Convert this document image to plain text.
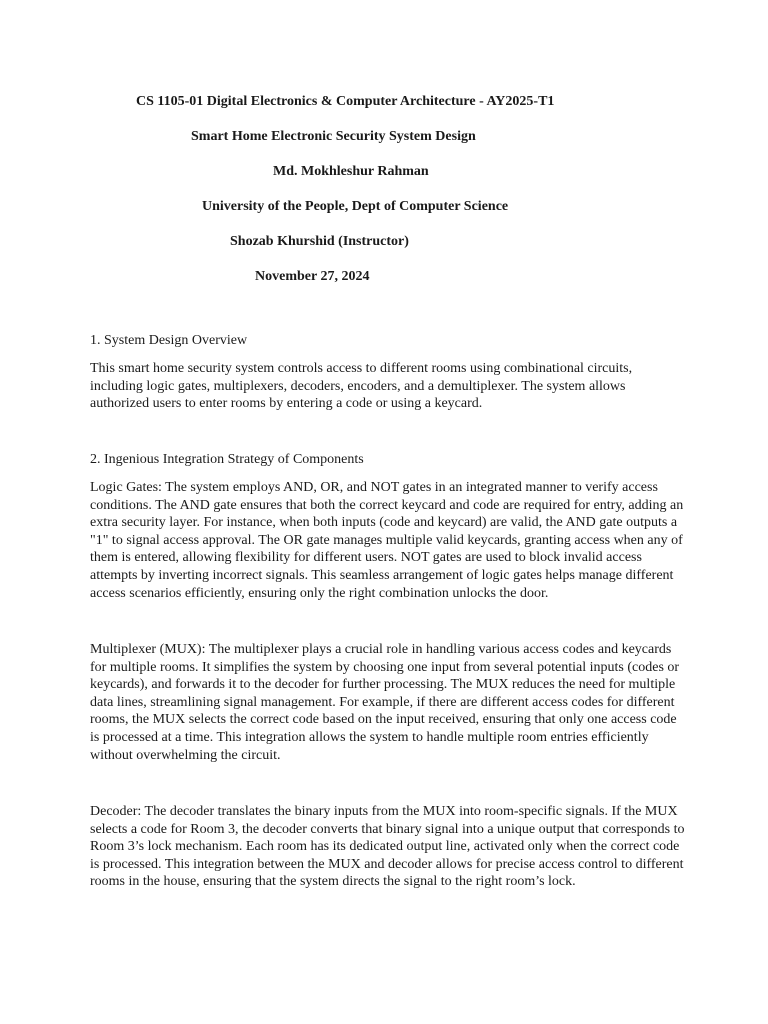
CS 1105-01 Digital Electronics & Computer Architecture - AY2025-T1
Smart Home Electronic Security System Design
Md. Mokhleshur Rahman
University of the People, Dept of Computer Science
Shozab Khurshid (Instructor)
November 27, 2024
1. System Design Overview
This smart home security system controls access to different rooms using combinational circuits,
including logic gates, multiplexers, decoders, encoders, and a demultiplexer. The system allows
authorized users to enter rooms by entering a code or using a keycard.
2. Ingenious Integration Strategy of Components
Logic Gates: The system employs AND, OR, and NOT gates in an integrated manner to verify access
conditions. The AND gate ensures that both the correct keycard and code are required for entry, adding an
extra security layer. For instance, when both inputs (code and keycard) are valid, the AND gate outputs a
"1" to signal access approval. The OR gate manages multiple valid keycards, granting access when any of
them is entered, allowing flexibility for different users. NOT gates are used to block invalid access
attempts by inverting incorrect signals. This seamless arrangement of logic gates helps manage different
access scenarios efficiently, ensuring only the right combination unlocks the door.
Multiplexer (MUX): The multiplexer plays a crucial role in handling various access codes and keycards
for multiple rooms. It simplifies the system by choosing one input from several potential inputs (codes or
keycards), and forwards it to the decoder for further processing. The MUX reduces the need for multiple
data lines, streamlining signal management. For example, if there are different access codes for different
rooms, the MUX selects the correct code based on the input received, ensuring that only one access code
is processed at a time. This integration allows the system to handle multiple room entries efficiently
without overwhelming the circuit.
Decoder: The decoder translates the binary inputs from the MUX into room-specific signals. If the MUX
selects a code for Room 3, the decoder converts that binary signal into a unique output that corresponds to
Room 3’s lock mechanism. Each room has its dedicated output line, activated only when the correct code
is processed. This integration between the MUX and decoder allows for precise access control to different
rooms in the house, ensuring that the system directs the signal to the right room’s lock.
